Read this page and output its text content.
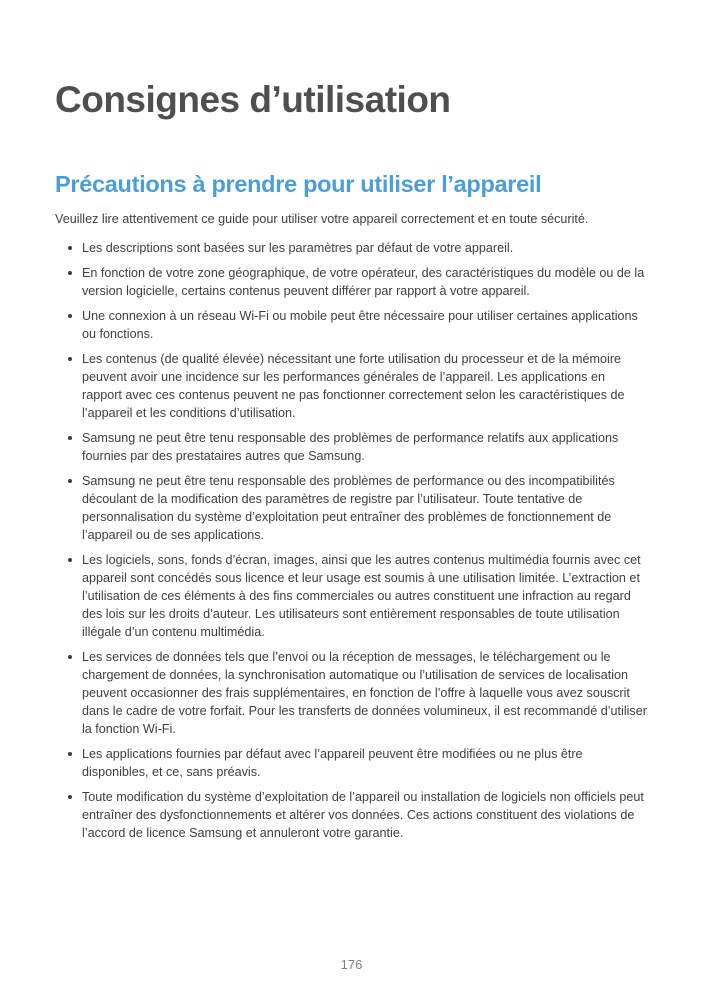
Consignes d’utilisation
Précautions à prendre pour utiliser l’appareil

Veuillez lire attentivement ce guide pour utiliser votre appareil correctement et en toute sécurité.

Les descriptions sont basées sur les paramètres par défaut de votre appareil.
En fonction de votre zone géographique, de votre opérateur, des caractéristiques du modèle ou de la version logicielle, certains contenus peuvent différer par rapport à votre appareil.
Une connexion à un réseau Wi-Fi ou mobile peut être nécessaire pour utiliser certaines applications ou fonctions.
Les contenus (de qualité élevée) nécessitant une forte utilisation du processeur et de la mémoire peuvent avoir une incidence sur les performances générales de l’appareil. Les applications en rapport avec ces contenus peuvent ne pas fonctionner correctement selon les caractéristiques de l’appareil et les conditions d’utilisation.
Samsung ne peut être tenu responsable des problèmes de performance relatifs aux applications fournies par des prestataires autres que Samsung.
Samsung ne peut être tenu responsable des problèmes de performance ou des incompatibilités découlant de la modification des paramètres de registre par l’utilisateur. Toute tentative de personnalisation du système d’exploitation peut entraîner des problèmes de fonctionnement de l’appareil ou de ses applications.
Les logiciels, sons, fonds d’écran, images, ainsi que les autres contenus multimédia fournis avec cet appareil sont concédés sous licence et leur usage est soumis à une utilisation limitée. L’extraction et l’utilisation de ces éléments à des fins commerciales ou autres constituent une infraction au regard des lois sur les droits d’auteur. Les utilisateurs sont entièrement responsables de toute utilisation illégale d’un contenu multimédia.
Les services de données tels que l’envoi ou la réception de messages, le téléchargement ou le chargement de données, la synchronisation automatique ou l’utilisation de services de localisation peuvent occasionner des frais supplémentaires, en fonction de l’offre à laquelle vous avez souscrit dans le cadre de votre forfait. Pour les transferts de données volumineux, il est recommandé d’utiliser la fonction Wi-Fi.
Les applications fournies par défaut avec l’appareil peuvent être modifiées ou ne plus être disponibles, et ce, sans préavis.
Toute modification du système d’exploitation de l’appareil ou installation de logiciels non officiels peut entraîner des dysfonctionnements et altérer vos données. Ces actions constituent des violations de l’accord de licence Samsung et annuleront votre garantie.
176
